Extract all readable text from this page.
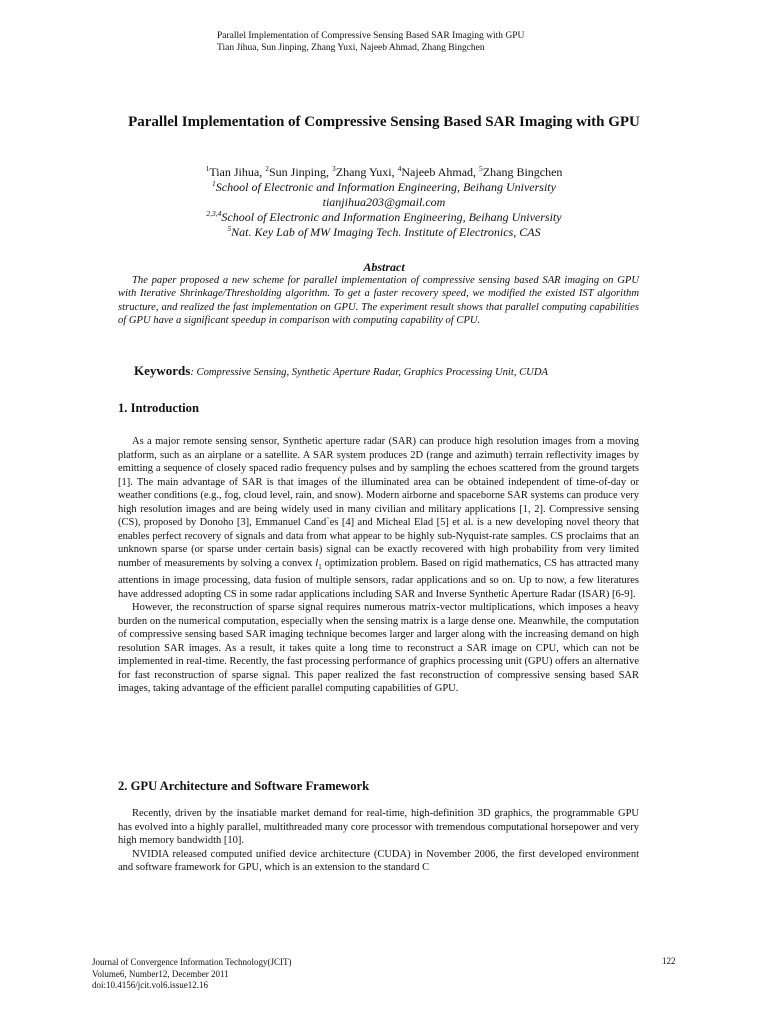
Parallel Implementation of Compressive Sensing Based SAR Imaging with GPU
Tian Jihua, Sun Jinping, Zhang Yuxi, Najeeb Ahmad, Zhang Bingchen
Parallel Implementation of Compressive Sensing Based SAR Imaging with GPU
$^1$Tian Jihua, $^2$Sun Jinping, $^3$Zhang Yuxi, $^4$Najeeb Ahmad, $^5$Zhang Bingchen
$^1$School of Electronic and Information Engineering, Beihang University
tianjihua203@gmail.com
$^{2,3,4}$School of Electronic and Information Engineering, Beihang University
$^5$Nat. Key Lab of MW Imaging Tech. Institute of Electronics, CAS
Abstract
The paper proposed a new scheme for parallel implementation of compressive sensing based SAR imaging on GPU with Iterative Shrinkage/Thresholding algorithm. To get a faster recovery speed, we modified the existed IST algorithm structure, and realized the fast implementation on GPU. The experiment result shows that parallel computing capabilities of GPU have a significant speedup in comparison with computing capability of CPU.
Keywords: Compressive Sensing, Synthetic Aperture Radar, Graphics Processing Unit, CUDA
1. Introduction

As a major remote sensing sensor, Synthetic aperture radar (SAR) can produce high resolution images from a moving platform, such as an airplane or a satellite. A SAR system produces 2D (range and azimuth) terrain reflectivity images by emitting a sequence of closely spaced radio frequency pulses and by sampling the echoes scattered from the ground targets [1]. The main advantage of SAR is that images of the illuminated area can be obtained independent of time-of-day or weather conditions (e.g., fog, cloud level, rain, and snow). Modern airborne and spaceborne SAR systems can produce very high resolution images and are being widely used in many civilian and military applications [1, 2]. Compressive sensing (CS), proposed by Donoho [3], Emmanuel Cand`es [4] and Micheal Elad [5] et al. is a new developing novel theory that enables perfect recovery of signals and data from what appear to be highly sub-Nyquist-rate samples. CS proclaims that an unknown sparse (or sparse under certain basis) signal can be exactly recovered with high probability from very limited number of measurements by solving a convex $l_1$ optimization problem. Based on rigid mathematics, CS has attracted many attentions in image processing, data fusion of multiple sensors, radar applications and so on. Up to now, a few literatures have addressed adopting CS in some radar applications including SAR and Inverse Synthetic Aperture Radar (ISAR) [6-9].

However, the reconstruction of sparse signal requires numerous matrix-vector multiplications, which imposes a heavy burden on the numerical computation, especially when the sensing matrix is a large dense one. Meanwhile, the computation of compressive sensing based SAR imaging technique becomes larger and larger along with the increasing demand on high resolution SAR images. As a result, it takes quite a long time to reconstruct a SAR image on CPU, which can not be implemented in real-time. Recently, the fast processing performance of graphics processing unit (GPU) offers an alternative for fast reconstruction of sparse signal. This paper realized the fast reconstruction of compressive sensing based SAR images, taking advantage of the efficient parallel computing capabilities of GPU.

2. GPU Architecture and Software Framework

Recently, driven by the insatiable market demand for real-time, high-definition 3D graphics, the programmable GPU has evolved into a highly parallel, multithreaded many core processor with tremendous computational horsepower and very high memory bandwidth [10].

NVIDIA released computed unified device architecture (CUDA) in November 2006, the first developed environment and software framework for GPU, which is an extension to the standard C

Journal of Convergence Information Technology(JCIT)
Volume6, Number12, December 2011
doi:10.4156/jcit.vol6.issue12.16
122
